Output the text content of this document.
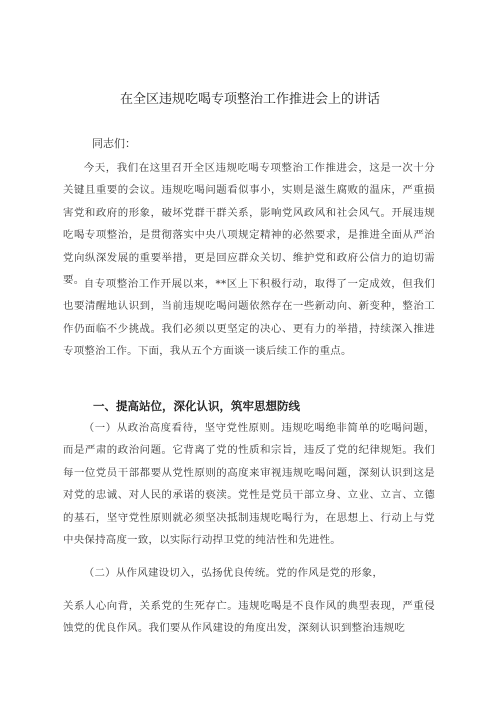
在全区违规吃喝专项整治工作推进会上的讲话
同志们：

今天，我们在这里召开全区违规吃喝专项整治工作推进会，这是一次十分关键且重要的会议。违规吃喝问题看似事小，实则是滋生腐败的温床，严重损害党和政府的形象，破坏党群干群关系，影响党风政风和社会风气。开展违规吃喝专项整治，是贯彻落实中央八项规定精神的必然要求，是推进全面从严治党向纵深发展的重要举措，更是回应群众关切、维护党和政府公信力的迫切需要。 自专项整治工作开展以来，**区上下积极行动，取得了一定成效，但我们也要清醒地认识到，当前违规吃喝问题依然存在一些新动向、新变种，整治工作仍面临不少挑战。我们必须以更坚定的决心、更有力的举措，持续深入推进专项整治工作。下面，我从五个方面谈一谈后续工作的重点。

一、提高站位，深化认识，筑牢思想防线

（一）从政治高度看待，坚守党性原则。违规吃喝绝非简单的吃喝问题，而是严肃的政治问题。它背离了党的性质和宗旨，违反了党的纪律规矩。我们每一位党员干部都要从党性原则的高度来审视违规吃喝问题，深刻认识到这是对党的忠诚、对人民的承诺的亵渎。党性是党员干部立身、立业、立言、立德的基石，坚守党性原则就必须坚决抵制违规吃喝行为，在思想上、行动上与党中央保持高度一致，以实际行动捍卫党的纯洁性和先进性。

（二）从作风建设切入，弘扬优良传统。党的作风是党的形象，

关系人心向背，关系党的生死存亡。违规吃喝是不良作风的典型表现，严重侵蚀党的优良作风。我们要从作风建设的角度出发，深刻认识到整治违规吃
